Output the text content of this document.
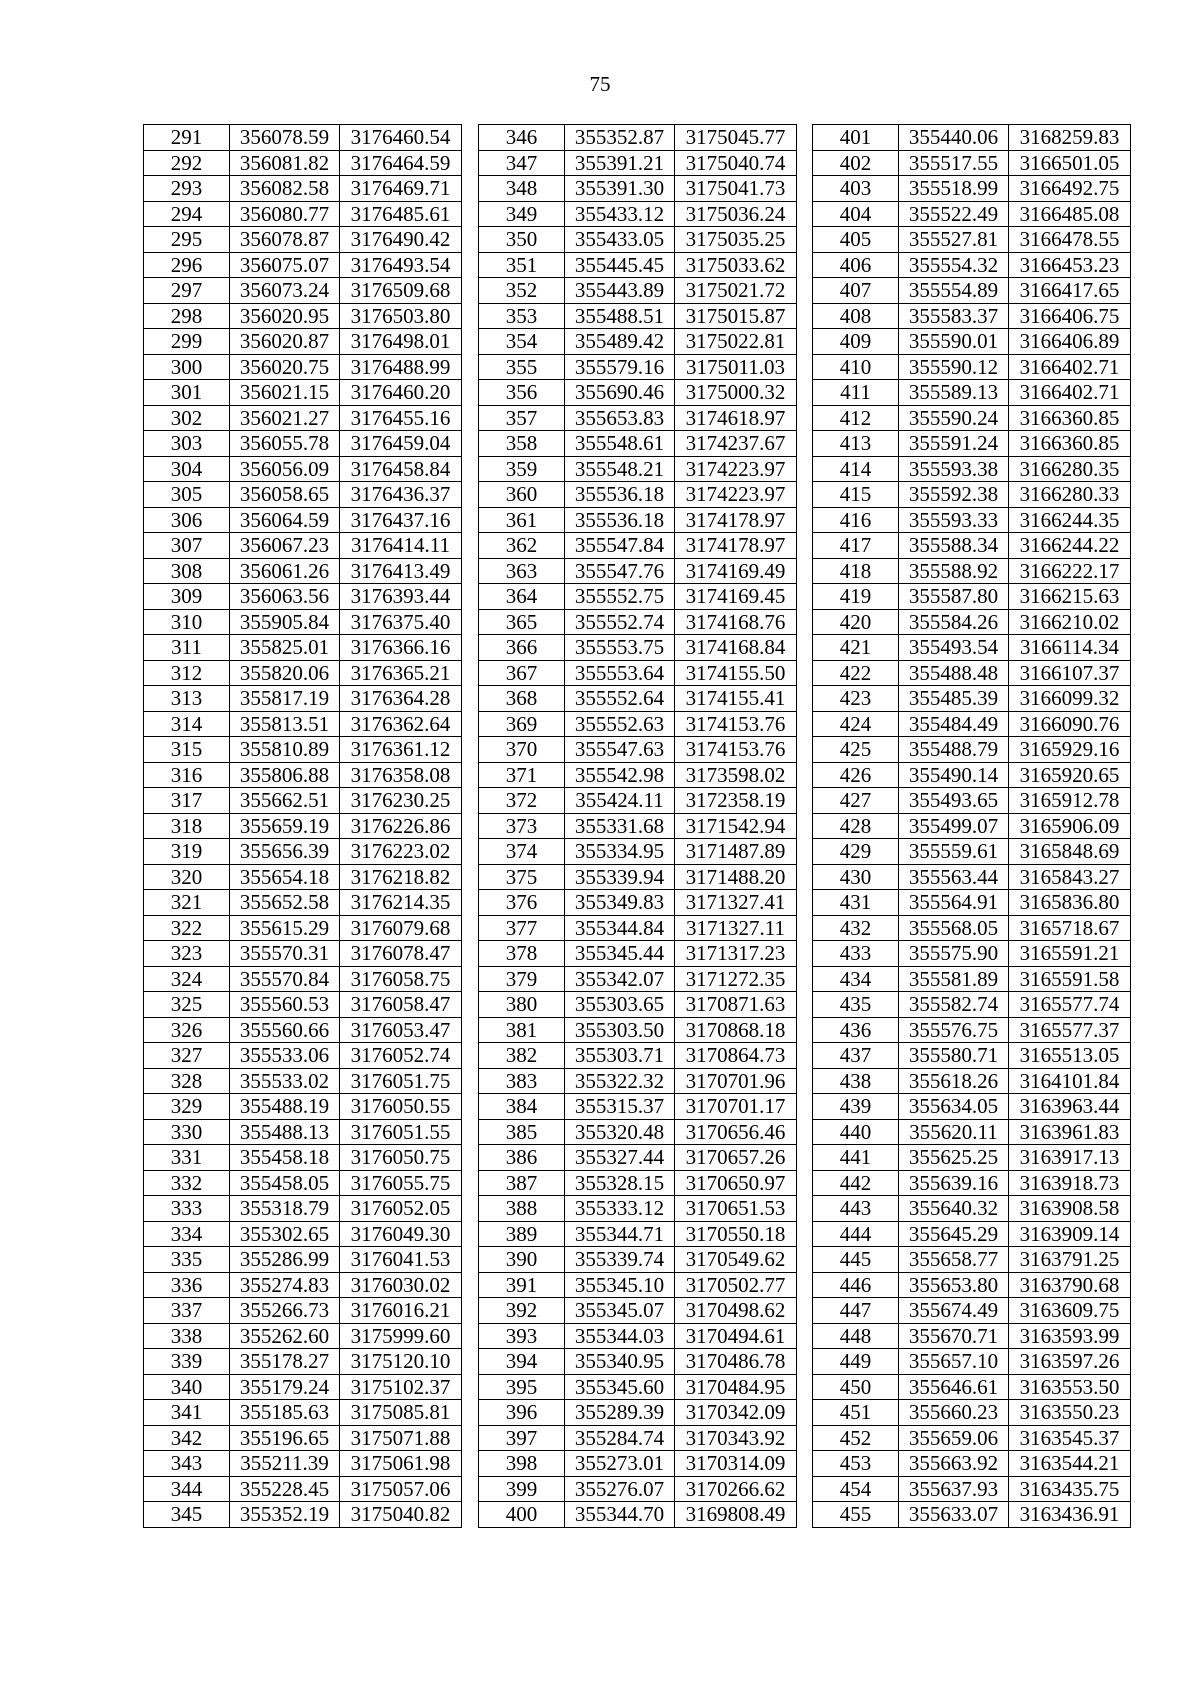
75
291	356078.59	3176460.54
292	356081.82	3176464.59
293	356082.58	3176469.71
294	356080.77	3176485.61
295	356078.87	3176490.42
296	356075.07	3176493.54
297	356073.24	3176509.68
298	356020.95	3176503.80
299	356020.87	3176498.01
300	356020.75	3176488.99
301	356021.15	3176460.20
302	356021.27	3176455.16
303	356055.78	3176459.04
304	356056.09	3176458.84
305	356058.65	3176436.37
306	356064.59	3176437.16
307	356067.23	3176414.11
308	356061.26	3176413.49
309	356063.56	3176393.44
310	355905.84	3176375.40
311	355825.01	3176366.16
312	355820.06	3176365.21
313	355817.19	3176364.28
314	355813.51	3176362.64
315	355810.89	3176361.12
316	355806.88	3176358.08
317	355662.51	3176230.25
318	355659.19	3176226.86
319	355656.39	3176223.02
320	355654.18	3176218.82
321	355652.58	3176214.35
322	355615.29	3176079.68
323	355570.31	3176078.47
324	355570.84	3176058.75
325	355560.53	3176058.47
326	355560.66	3176053.47
327	355533.06	3176052.74
328	355533.02	3176051.75
329	355488.19	3176050.55
330	355488.13	3176051.55
331	355458.18	3176050.75
332	355458.05	3176055.75
333	355318.79	3176052.05
334	355302.65	3176049.30
335	355286.99	3176041.53
336	355274.83	3176030.02
337	355266.73	3176016.21
338	355262.60	3175999.60
339	355178.27	3175120.10
340	355179.24	3175102.37
341	355185.63	3175085.81
342	355196.65	3175071.88
343	355211.39	3175061.98
344	355228.45	3175057.06
345	355352.19	3175040.82
346	355352.87	3175045.77
347	355391.21	3175040.74
348	355391.30	3175041.73
349	355433.12	3175036.24
350	355433.05	3175035.25
351	355445.45	3175033.62
352	355443.89	3175021.72
353	355488.51	3175015.87
354	355489.42	3175022.81
355	355579.16	3175011.03
356	355690.46	3175000.32
357	355653.83	3174618.97
358	355548.61	3174237.67
359	355548.21	3174223.97
360	355536.18	3174223.97
361	355536.18	3174178.97
362	355547.84	3174178.97
363	355547.76	3174169.49
364	355552.75	3174169.45
365	355552.74	3174168.76
366	355553.75	3174168.84
367	355553.64	3174155.50
368	355552.64	3174155.41
369	355552.63	3174153.76
370	355547.63	3174153.76
371	355542.98	3173598.02
372	355424.11	3172358.19
373	355331.68	3171542.94
374	355334.95	3171487.89
375	355339.94	3171488.20
376	355349.83	3171327.41
377	355344.84	3171327.11
378	355345.44	3171317.23
379	355342.07	3171272.35
380	355303.65	3170871.63
381	355303.50	3170868.18
382	355303.71	3170864.73
383	355322.32	3170701.96
384	355315.37	3170701.17
385	355320.48	3170656.46
386	355327.44	3170657.26
387	355328.15	3170650.97
388	355333.12	3170651.53
389	355344.71	3170550.18
390	355339.74	3170549.62
391	355345.10	3170502.77
392	355345.07	3170498.62
393	355344.03	3170494.61
394	355340.95	3170486.78
395	355345.60	3170484.95
396	355289.39	3170342.09
397	355284.74	3170343.92
398	355273.01	3170314.09
399	355276.07	3170266.62
400	355344.70	3169808.49
401	355440.06	3168259.83
402	355517.55	3166501.05
403	355518.99	3166492.75
404	355522.49	3166485.08
405	355527.81	3166478.55
406	355554.32	3166453.23
407	355554.89	3166417.65
408	355583.37	3166406.75
409	355590.01	3166406.89
410	355590.12	3166402.71
411	355589.13	3166402.71
412	355590.24	3166360.85
413	355591.24	3166360.85
414	355593.38	3166280.35
415	355592.38	3166280.33
416	355593.33	3166244.35
417	355588.34	3166244.22
418	355588.92	3166222.17
419	355587.80	3166215.63
420	355584.26	3166210.02
421	355493.54	3166114.34
422	355488.48	3166107.37
423	355485.39	3166099.32
424	355484.49	3166090.76
425	355488.79	3165929.16
426	355490.14	3165920.65
427	355493.65	3165912.78
428	355499.07	3165906.09
429	355559.61	3165848.69
430	355563.44	3165843.27
431	355564.91	3165836.80
432	355568.05	3165718.67
433	355575.90	3165591.21
434	355581.89	3165591.58
435	355582.74	3165577.74
436	355576.75	3165577.37
437	355580.71	3165513.05
438	355618.26	3164101.84
439	355634.05	3163963.44
440	355620.11	3163961.83
441	355625.25	3163917.13
442	355639.16	3163918.73
443	355640.32	3163908.58
444	355645.29	3163909.14
445	355658.77	3163791.25
446	355653.80	3163790.68
447	355674.49	3163609.75
448	355670.71	3163593.99
449	355657.10	3163597.26
450	355646.61	3163553.50
451	355660.23	3163550.23
452	355659.06	3163545.37
453	355663.92	3163544.21
454	355637.93	3163435.75
455	355633.07	3163436.91
